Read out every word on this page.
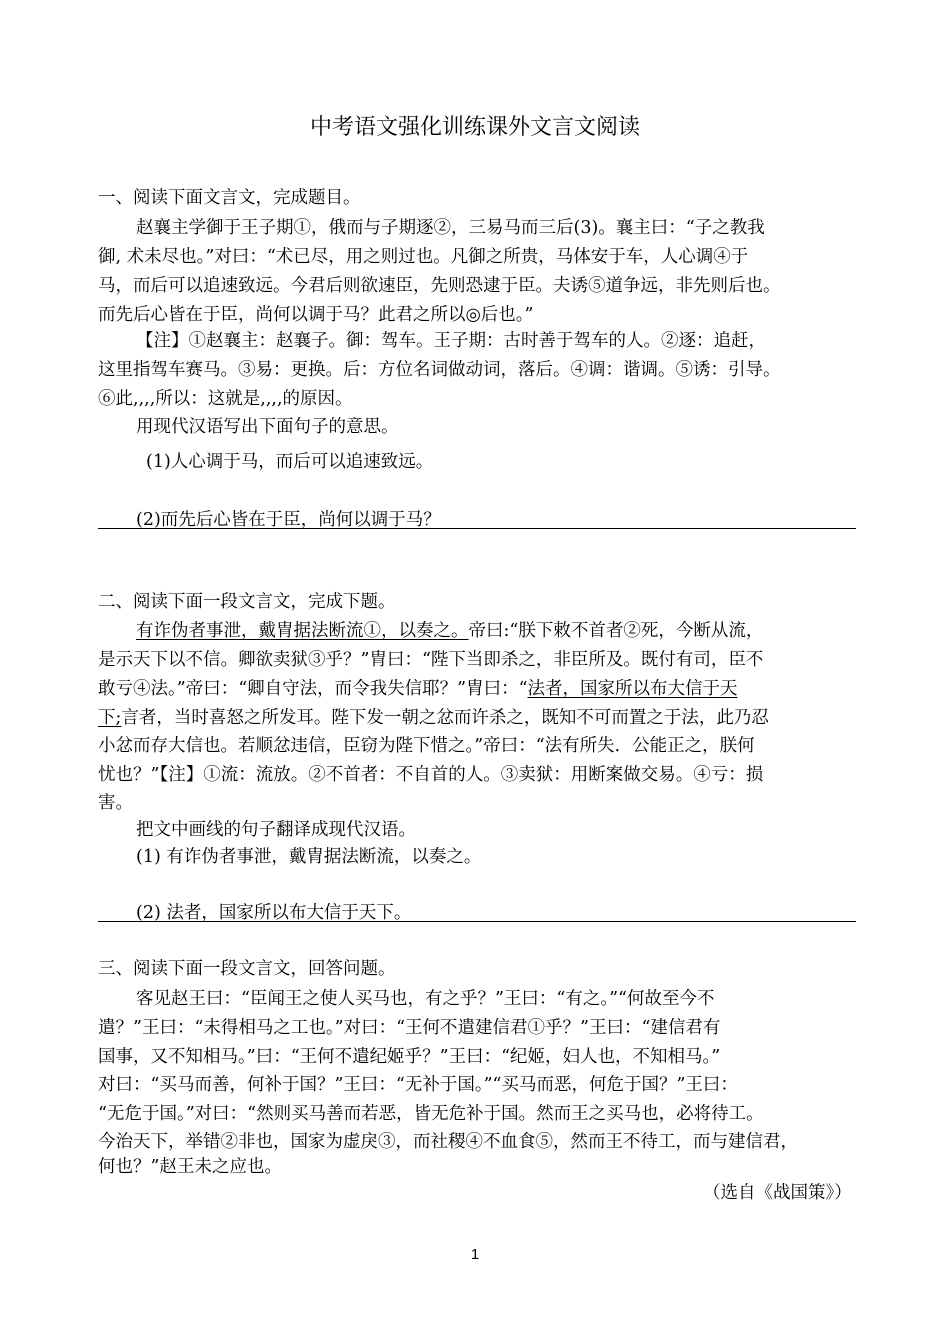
中考语文强化训练课外文言文阅读
一、阅读下面文言文，完成题目。
赵襄主学御于王子期①，俄而与子期逐②，三易马而三后(3)。襄主曰：“子之教我
御, 术未尽也。”对曰：“术已尽，用之则过也。凡御之所贵，马体安于车，人心调④于
马，而后可以追速致远。今君后则欲速臣，先则恐逮于臣。夫诱⑤道争远，非先则后也。
而先后心皆在于臣，尚何以调于马？此君之所以◎后也。”
【注】①赵襄主：赵襄子。御：驾车。王子期：古时善于驾车的人。②逐：追赶，
这里指驾车赛马。③易：更换。后：方位名词做动词，落后。④调：谐调。⑤诱：引导。
⑥此,,,,所以：这就是,,,,的原因。
用现代汉语写出下面句子的意思。
(1)人心调于马，而后可以追速致远。
(2)而先后心皆在于臣，尚何以调于马？
二、阅读下面一段文言文，完成下题。
有诈伪者事泄，戴胄据法断流①，以奏之。帝曰:“朕下敕不首者②死，今断从流，
是示天下以不信。卿欲卖狱③乎？”胄曰：“陛下当即杀之，非臣所及。既付有司，臣不
敢亏④法。”帝曰：“卿自守法，而令我失信耶？”胄曰：“法者，国家所以布大信于天
下;言者，当时喜怒之所发耳。陛下发一朝之忿而许杀之，既知不可而置之于法，此乃忍
小忿而存大信也。若顺忿违信，臣窃为陛下惜之。”帝曰：“法有所失．公能正之，朕何
忧也？”【注】①流：流放。②不首者：不自首的人。③卖狱：用断案做交易。④亏：损
害。
把文中画线的句子翻译成现代汉语。
(1) 有诈伪者事泄，戴胄据法断流，以奏之。
(2) 法者，国家所以布大信于天下。
三、阅读下面一段文言文，回答问题。
客见赵王曰：“臣闻王之使人买马也，有之乎？”王曰：“有之。”“何故至今不
遣？”王曰：“未得相马之工也。”对曰：“王何不遣建信君①乎？”王曰：“建信君有
国事，又不知相马。”曰：“王何不遣纪姬乎？”王曰：“纪姬，妇人也，不知相马。”
对曰：“买马而善，何补于国？”王曰：“无补于国。”“买马而恶，何危于国？”王曰：
“无危于国。”对曰：“然则买马善而若恶，皆无危补于国。然而王之买马也，必将待工。
今治天下，举错②非也，国家为虚戾③，而社稷④不血食⑤，然而王不待工，而与建信君，
何也？”赵王未之应也。
（选自《战国策》）
1
